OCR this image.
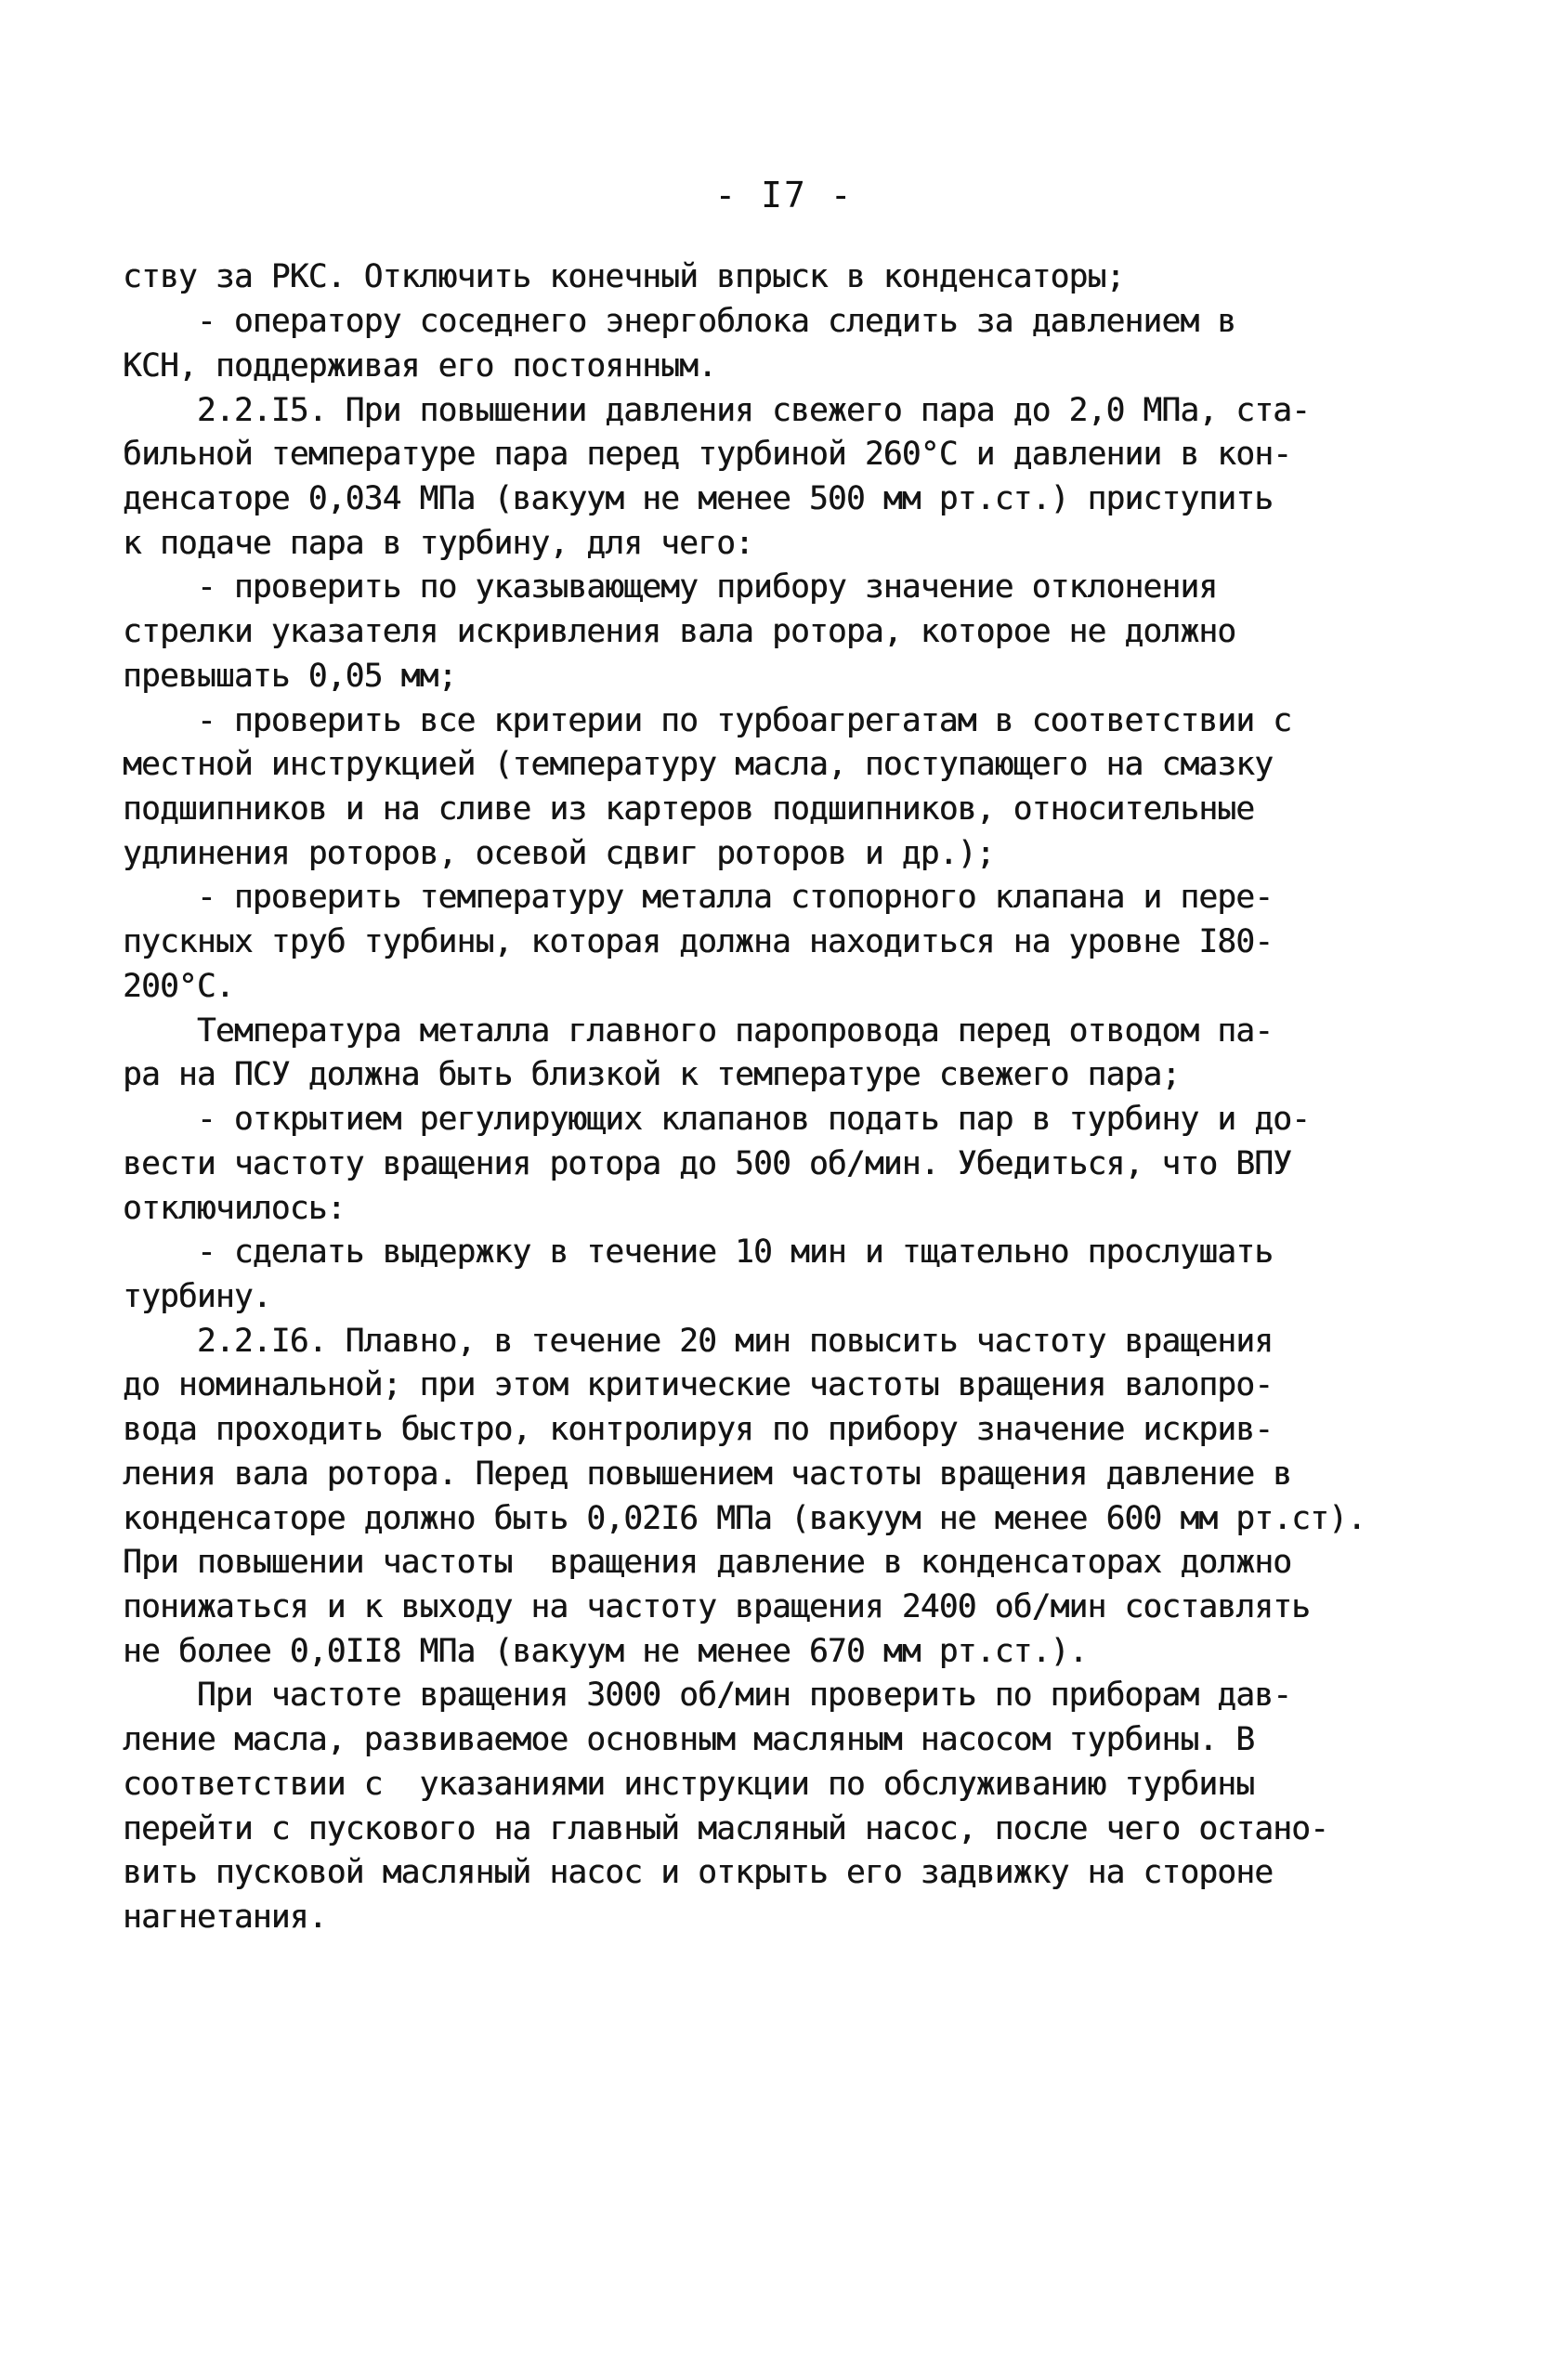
- I7 -
ству за РКС. Отключить конечный впрыск в конденсаторы;
- оператору соседнего энергоблока следить за давлением в
КСН, поддерживая его постоянным.
2.2.I5. При повышении давления свежего пара до 2,0 МПа, ста-
бильной температуре пара перед турбиной 260°С и давлении в кон-
денсаторе 0,034 МПа (вакуум не менее 500 мм рт.ст.) приступить
к подаче пара в турбину, для чего:
- проверить по указывающему прибору значение отклонения
стрелки указателя искривления вала ротора, которое не должно
превышать 0,05 мм;
- проверить все критерии по турбоагрегатам в соответствии с
местной инструкцией (температуру масла, поступающего на смазку
подшипников и на сливе из картеров подшипников, относительные
удлинения роторов, осевой сдвиг роторов и др.);
- проверить температуру металла стопорного клапана и пере-
пускных труб турбины, которая должна находиться на уровне I80-
200°С.
Температура металла главного паропровода перед отводом па-
ра на ПСУ должна быть близкой к температуре свежего пара;
- открытием регулирующих клапанов подать пар в турбину и до-
вести частоту вращения ротора до 500 об/мин. Убедиться, что ВПУ
отключилось:
- сделать выдержку в течение 10 мин и тщательно прослушать
турбину.
2.2.I6. Плавно, в течение 20 мин повысить частоту вращения
до номинальной; при этом критические частоты вращения валопро-
вода проходить быстро, контролируя по прибору значение искрив-
ления вала ротора. Перед повышением частоты вращения давление в
конденсаторе должно быть 0,02I6 МПа (вакуум не менее 600 мм рт.ст).
При повышении частоты  вращения давление в конденсаторах должно
понижаться и к выходу на частоту вращения 2400 об/мин составлять
не более 0,0II8 МПа (вакуум не менее 670 мм рт.ст.).
При частоте вращения 3000 об/мин проверить по приборам дав-
ление масла, развиваемое основным масляным насосом турбины. В
соответствии с  указаниями инструкции по обслуживанию турбины
перейти с пускового на главный масляный насос, после чего остано-
вить пусковой масляный насос и открыть его задвижку на стороне
нагнетания.
